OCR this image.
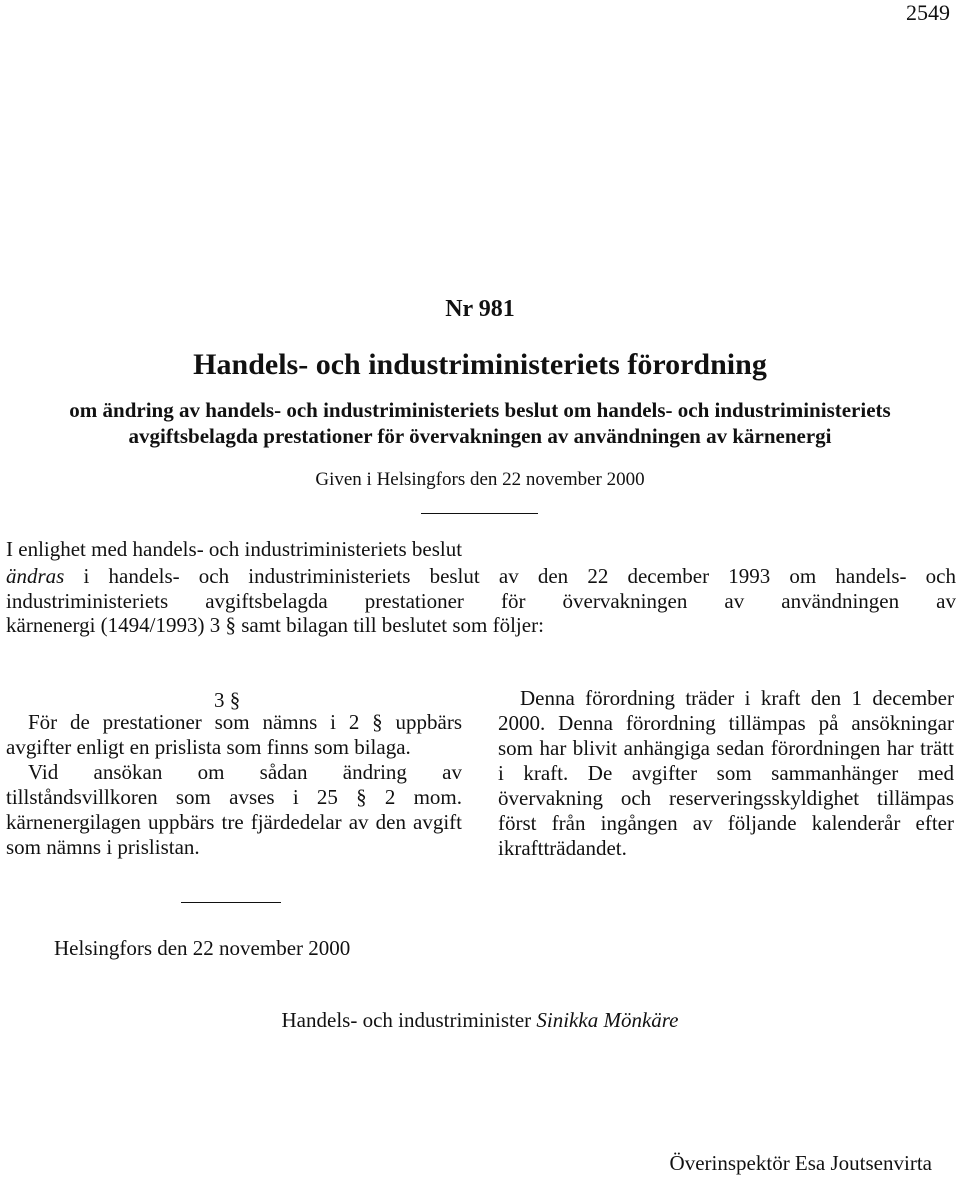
2549
Nr 981
Handels- och industriministeriets förordning
om ändring av handels- och industriministeriets beslut om handels- och industriministeriets
avgiftsbelagda prestationer för övervakningen av användningen av kärnenergi
Given i Helsingfors den 22 november 2000
I enlighet med handels- och industriministeriets beslut
ändras i handels- och industriministeriets beslut av den 22 december 1993 om handels- och
industriministeriets avgiftsbelagda prestationer för övervakningen av användningen av
kärnenergi (1494/1993) 3 § samt bilagan till beslutet som följer:
3 §

För de prestationer som nämns i 2 § uppbärs avgifter enligt en prislista som finns som bilaga.

Vid ansökan om sådan ändring av tillståndsvillkoren som avses i 25 § 2 mom. kärnenergilagen uppbärs tre fjärdedelar av den avgift som nämns i prislistan.

Denna förordning träder i kraft den 1 december 2000. Denna förordning tillämpas på ansökningar som har blivit anhängiga sedan förordningen har trätt i kraft. De avgifter som sammanhänger med övervakning och reserveringsskyldighet tillämpas först från ingången av följande kalenderår efter ikraftträdandet.

Helsingfors den 22 november 2000
Handels- och industriminister Sinikka Mönkäre
Överinspektör Esa Joutsenvirta
